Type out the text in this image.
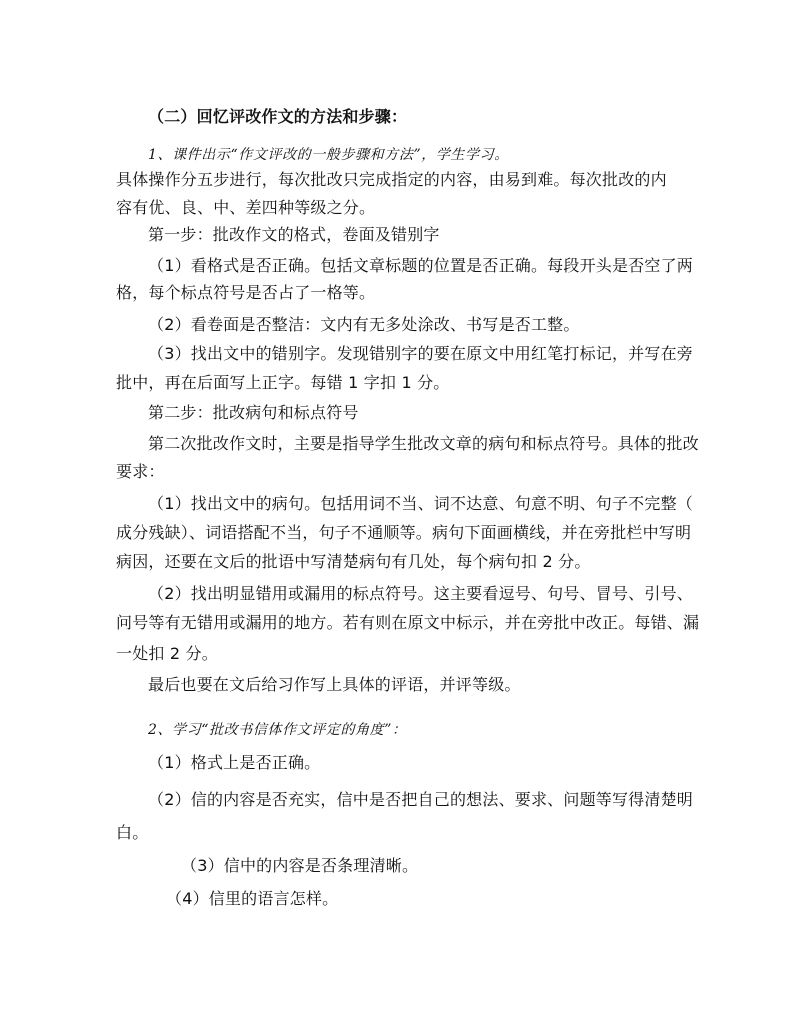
（二）回忆评改作文的方法和步骤：
1、课件出示“作文评改的一般步骤和方法”，学生学习。
具体操作分五步进行，每次批改只完成指定的内容，由易到难。每次批改的内
容有优、良、中、差四种等级之分。
第一步：批改作文的格式，卷面及错别字
（1）看格式是否正确。包括文章标题的位置是否正确。每段开头是否空了两
格，每个标点符号是否占了一格等。
（2）看卷面是否整洁：文内有无多处涂改、书写是否工整。
（3）找出文中的错别字。发现错别字的要在原文中用红笔打标记，并写在旁
批中，再在后面写上正字。每错 1 字扣 1 分。
第二步：批改病句和标点符号
第二次批改作文时，主要是指导学生批改文章的病句和标点符号。具体的批改
要求：
（1）找出文中的病句。包括用词不当、词不达意、句意不明、句子不完整（
成分残缺）、词语搭配不当，句子不通顺等。病句下面画横线，并在旁批栏中写明
病因，还要在文后的批语中写清楚病句有几处，每个病句扣 2 分。
（2）找出明显错用或漏用的标点符号。这主要看逗号、句号、冒号、引号、
问号等有无错用或漏用的地方。若有则在原文中标示，并在旁批中改正。每错、漏
一处扣 2 分。
最后也要在文后给习作写上具体的评语，并评等级。
2、学习“批改书信体作文评定的角度”：
（1）格式上是否正确。
（2）信的内容是否充实，信中是否把自己的想法、要求、问题等写得清楚明
白。
（3）信中的内容是否条理清晰。
（4）信里的语言怎样。
